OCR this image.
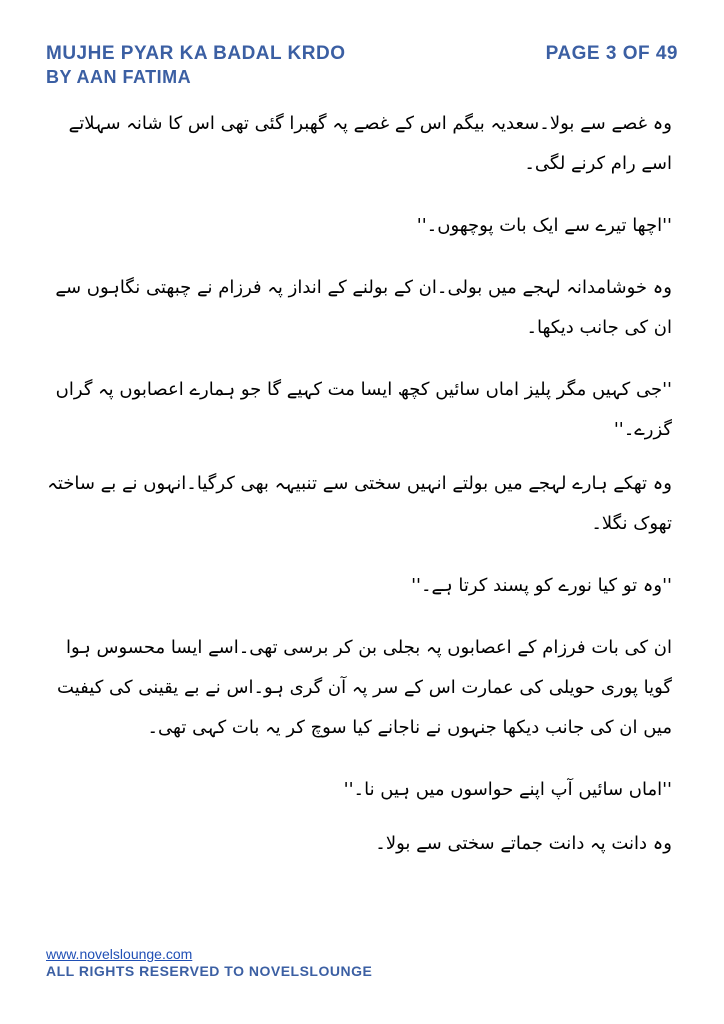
MUJHE PYAR KA BADAL KRDO
BY AAN FATIMA
PAGE 3 OF 49

وہ غصے سے بولا۔سعدیہ بیگم اس کے غصے پہ گھبرا گئی تھی اس کا شانہ سہلاتے اسے رام کرنے لگی۔

''اچھا تیرے سے ایک بات پوچھوں۔''

وہ خوشامدانہ لہجے میں بولی۔ان کے بولنے کے انداز پہ فرزام نے چبھتی نگاہوں سے ان کی جانب دیکھا۔

''جی کہیں مگر پلیز اماں سائیں کچھ ایسا مت کہیے گا جو ہمارے اعصابوں پہ گراں گزرے۔''

وہ تھکے ہارے لہجے میں بولتے انہیں سختی سے تنبیہہ بھی کرگیا۔انہوں نے بے ساختہ تھوک نگلا۔

''وہ تو کیا نورے کو پسند کرتا ہے۔''

ان کی بات فرزام کے اعصابوں پہ بجلی بن کر برسی تھی۔اسے ایسا محسوس ہوا گویا پوری حویلی کی عمارت اس کے سر پہ آن گری ہو۔اس نے بے یقینی کی کیفیت میں ان کی جانب دیکھا جنہوں نے ناجانے کیا سوچ کر یہ بات کہی تھی۔

''اماں سائیں آپ اپنے حواسوں میں ہیں نا۔''

وہ دانت پہ دانت جماتے سختی سے بولا۔

www.novelslounge.com
ALL RIGHTS RESERVED TO NOVELSLOUNGE
